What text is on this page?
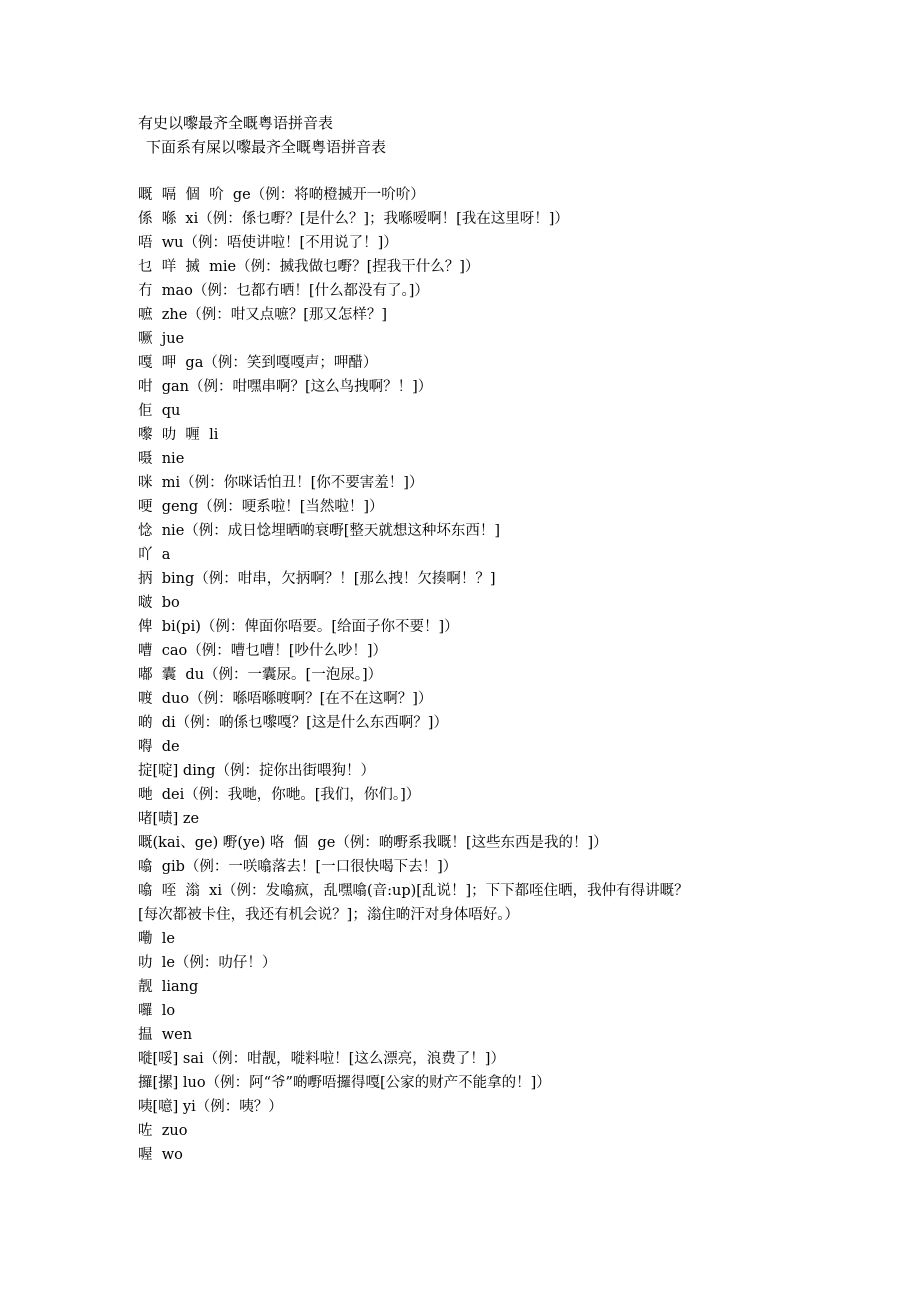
有史以嚟最齐全嘅粤语拼音表

下面系有屎以嚟最齐全嘅粤语拼音表

嘅  嗝  個  吤  ge（例：将啲橙搣开一吤吤）

係  喺  xi（例：係乜嘢？[是什么？]；我喺嗳啊！[我在这里呀！]）

唔  wu（例：唔使讲啦！[不用说了！]）

乜  咩  搣  mie（例：搣我做乜嘢？[捏我干什么？]）

冇  mao（例：乜都冇晒！[什么都没有了。]）

嗻  zhe（例：咁又点嗻？[那又怎样？]

噘  jue

嘎  呷  ga（例：笑到嘎嘎声；呷醋）

咁  gan（例：咁嘿串啊？[这么鸟拽啊？！]）

佢  qu

嚟  叻  喱  li

嗫  nie

咪  mi（例：你咪话怕丑！[你不要害羞！]）

哽  geng（例：哽系啦！[当然啦！]）

惗  nie（例：成日惗埋晒啲衰嘢[整天就想这种坏东西！]

吖  a

抦  bing（例：咁串，欠抦啊？！[那么拽！欠揍啊！？]

啵  bo

俾  bi(pi)（例：俾面你唔要。[给面子你不要！]）

嘈  cao（例：嘈乜嘈！[吵什么吵！]）

嘟  囊  du（例：一囊尿。[一泡尿。]）

喥  duo（例：喺唔喺喥啊？[在不在这啊？]）

啲  di（例：啲係乜嚟嘎？[这是什么东西啊？]）

嘚  de

掟[啶] ding（例：掟你出街喂狗！）

哋  dei（例：我哋，你哋。[我们，你们。]）

啫[啧] ze

嘅(kai、ge) 嘢(ye) 咯  個  ge（例：啲嘢系我嘅！[这些东西是我的！]）

噏  gib（例：一咲噏落去！[一口很快喝下去！]）

噏  咥  滃  xi（例：发噏疯，乱嘿噏(音:up)[乱说！]；下下都咥住晒，我仲有得讲嘅？[每次都被卡住，我还有机会说？]；滃住啲汗对身体唔好。）

嘞  le

叻  le（例：叻仔！）

靓  liang

囉  lo

揾  wen

嘥[哸] sai（例：咁靓，嘥料啦！[这么漂亮，浪费了！]）

攞[摞] luo（例：阿“爷”啲嘢唔攞得嘎[公家的财产不能拿的！]）

咦[噫] yi（例：咦？）

咗  zuo

喔  wo
